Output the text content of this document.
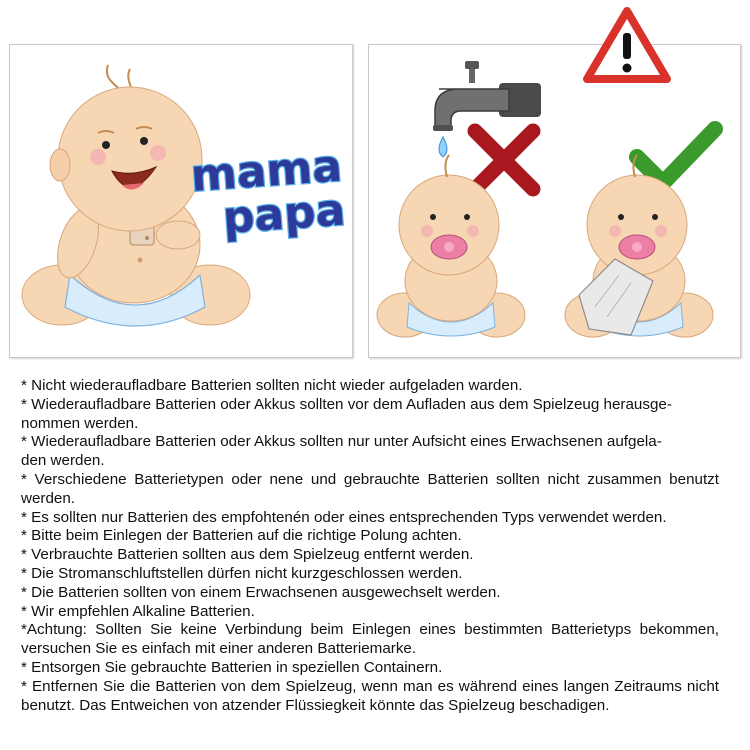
mama
papa

* Nicht wiederaufladbare Batterien sollten nicht wieder aufgeladen warden.

* Wiederaufladbare Batterien oder Akkus sollten vor dem Aufladen aus dem Spielzeug herausge-
nommen werden.

* Wiederaufladbare Batterien oder Akkus sollten nur unter Aufsicht eines Erwachsenen aufgela-
den werden.

* Verschiedene Batterietypen oder nene und gebrauchte Batterien sollten nicht zusammen benutzt werden.

* Es sollten nur Batterien des empfohtenén oder eines entsprechenden Typs verwendet werden.

* Bitte beim Einlegen der Batterien auf die richtige Polung achten.

* Verbrauchte Batterien sollten aus dem Spielzeug entfernt werden.

* Die Stromanschluftstellen dürfen nicht kurzgeschlossen werden.

* Die Batterien sollten von einem Erwachsenen ausgewechselt werden.

* Wir empfehlen Alkaline Batterien.

*Achtung: Sollten Sie keine Verbindung beim Einlegen eines bestimmten Batterietyps bekommen, versuchen Sie es einfach mit einer anderen Batteriemarke.

* Entsorgen Sie gebrauchte Batterien in speziellen Containern.

* Entfernen Sie die Batterien von dem Spielzeug, wenn man es während eines langen Zeitraums nicht benutzt. Das Entweichen von atzender Flüssiegkeit könnte das Spielzeug beschadigen.
